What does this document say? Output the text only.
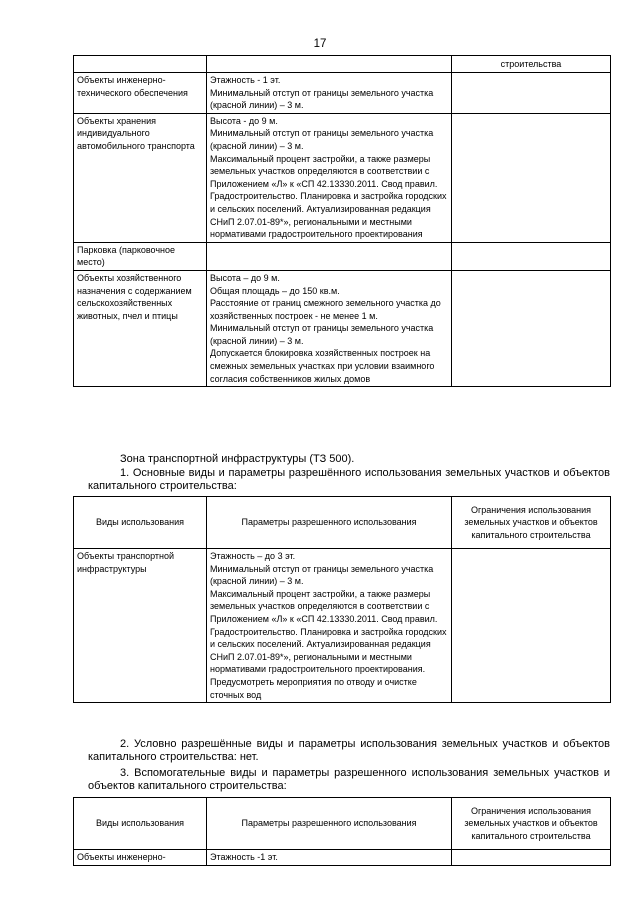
17
		строительства
Объекты инженерно-технического обеспечения	Этажность - 1 эт.
Минимальный отступ от границы земельного участка (красной линии) – 3 м.	

Объекты хранения индивидуального автомобильного транспорта	Высота - до 9 м.
Минимальный отступ от границы земельного участка (красной линии) – 3 м.
Максимальный процент застройки, а также размеры земельных участков определяются в соответствии с Приложением «Л» к «СП 42.13330.2011. Свод правил. Градостроительство. Планировка и застройка городских и сельских поселений. Актуализированная редакция СНиП 2.07.01-89*», региональными и местными нормативами градостроительного проектирования	
Парковка (парковочное место)		
Объекты хозяйственного назначения с содержанием сельскохозяйственных животных, пчел и птицы	Высота – до 9 м.
Общая площадь – до 150 кв.м.
Расстояние от границ смежного земельного участка до хозяйственных построек - не менее 1 м.
Минимальный отступ от границы земельного участка (красной линии) – 3 м.
Допускается блокировка хозяйственных построек на смежных земельных участках при условии взаимного согласия собственников жилых домов	
Зона транспортной инфраструктуры (ТЗ 500).
1. Основные виды и параметры разрешённого использования земельных участков и объектов капитального строительства:
Виды использования	Параметры разрешенного использования	Ограничения использования земельных участков и объектов капитального строительства
Объекты транспортной инфраструктуры	Этажность – до 3 эт.
Минимальный отступ от границы земельного участка (красной линии) – 3 м.
Максимальный процент застройки, а также размеры земельных участков определяются в соответствии с Приложением «Л» к «СП 42.13330.2011. Свод правил. Градостроительство. Планировка и застройка городских и сельских поселений. Актуализированная редакция СНиП 2.07.01-89*», региональными и местными нормативами градостроительного проектирования.
Предусмотреть мероприятия по отводу и очистке сточных вод	
2. Условно разрешённые виды и параметры использования земельных участков и объектов капитального строительства: нет.
3. Вспомогательные виды и параметры разрешенного использования земельных участков и объектов капитального строительства:
Виды использования	Параметры разрешенного использования	Ограничения использования земельных участков и объектов капитального строительства
Объекты инженерно-	Этажность -1 эт.	
